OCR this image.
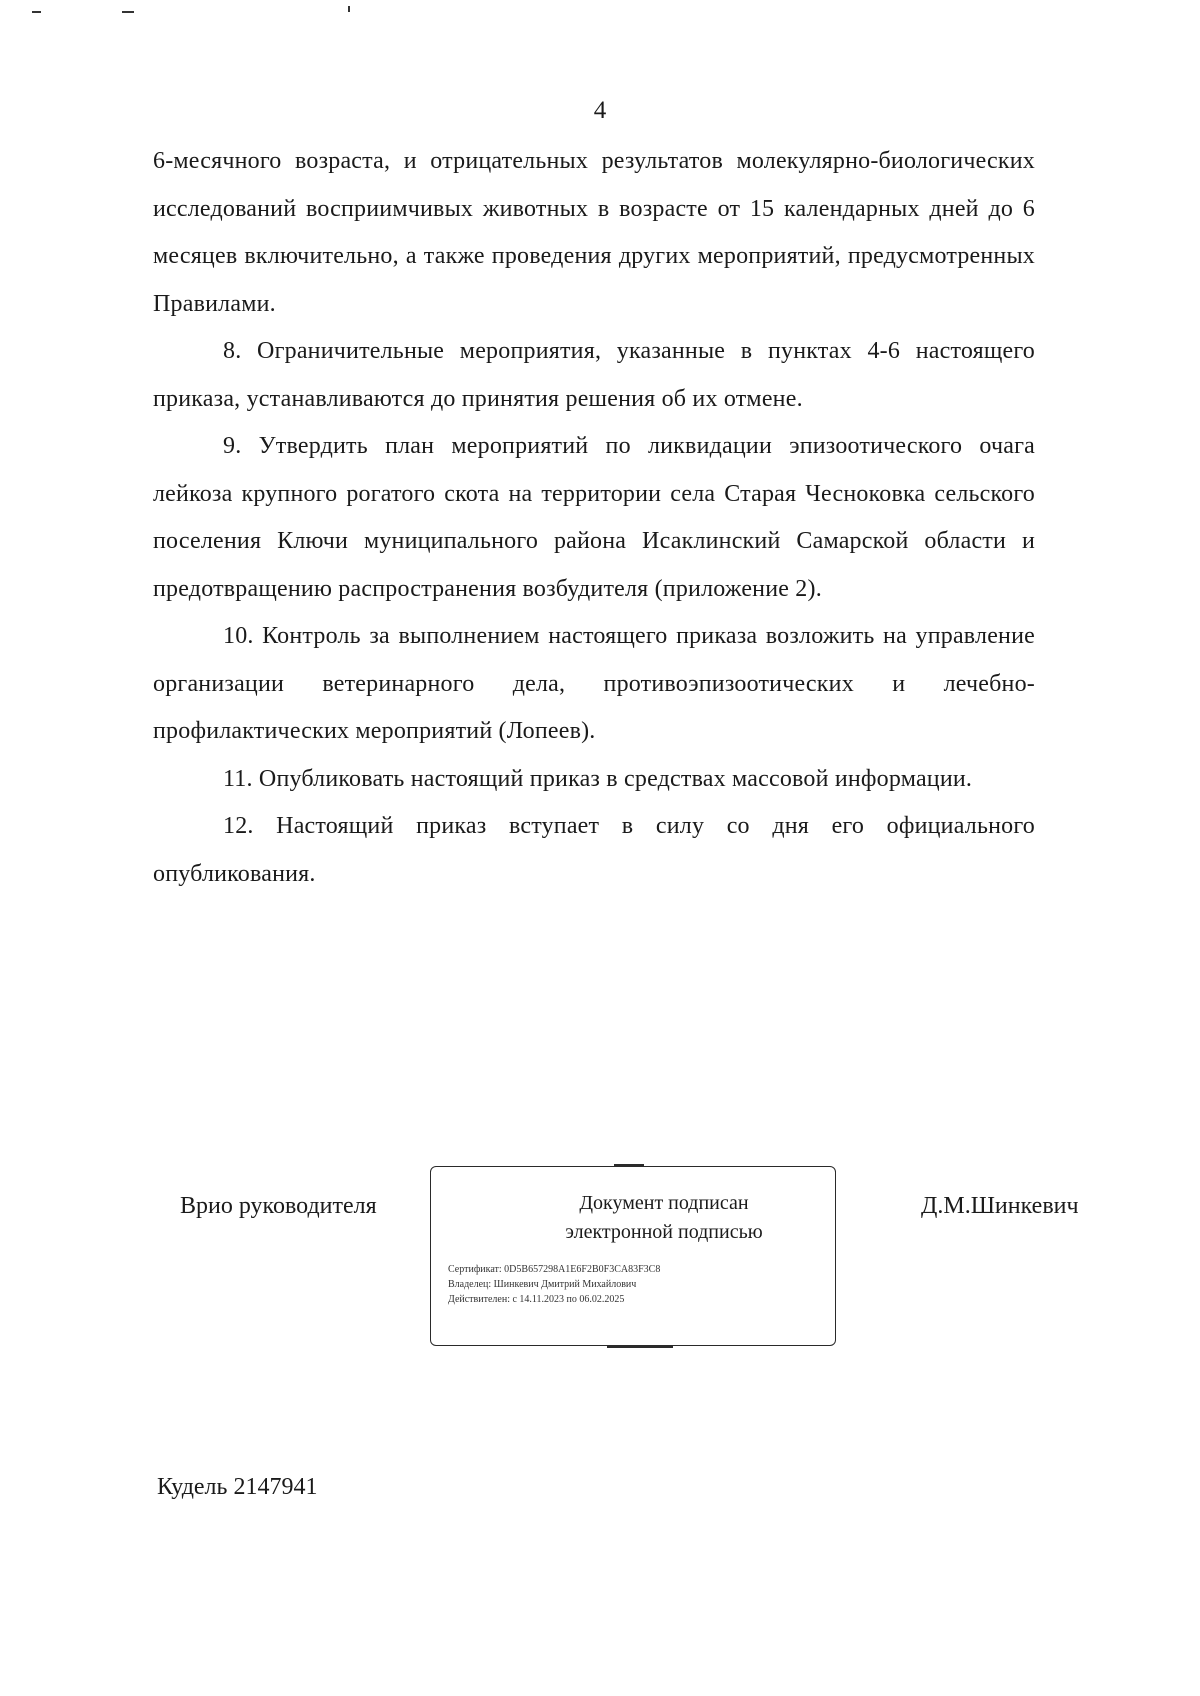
4

6-месячного возраста, и отрицательных результатов молекулярно-биологических исследований восприимчивых животных в возрасте от 15 календарных дней до 6 месяцев включительно, а также проведения других мероприятий, предусмотренных Правилами.

8. Ограничительные мероприятия, указанные в пунктах 4-6 настоящего приказа, устанавливаются до принятия решения об их отмене.

9. Утвердить план мероприятий по ликвидации эпизоотического очага лейкоза крупного рогатого скота на территории села Старая Чесноковка сельского поселения Ключи муниципального района Исаклинский Самарской области и предотвращению распространения возбудителя (приложение 2).

10. Контроль за выполнением настоящего приказа возложить на управление организации ветеринарного дела, противоэпизоотических и лечебно-профилактических мероприятий (Лопеев).

11. Опубликовать настоящий приказ в средствах массовой информации.

12. Настоящий приказ вступает в силу со дня его официального опубликования.

Врио руководителя	Документ подписан электронной подписью
Сертификат: 0D5B657298A1E6F2B0F3CA83F3C8
Владелец: Шинкевич Дмитрий Михайлович
Действителен: с 14.11.2023 по 06.02.2025
Д.М.Шинкевич
Кудель 2147941
